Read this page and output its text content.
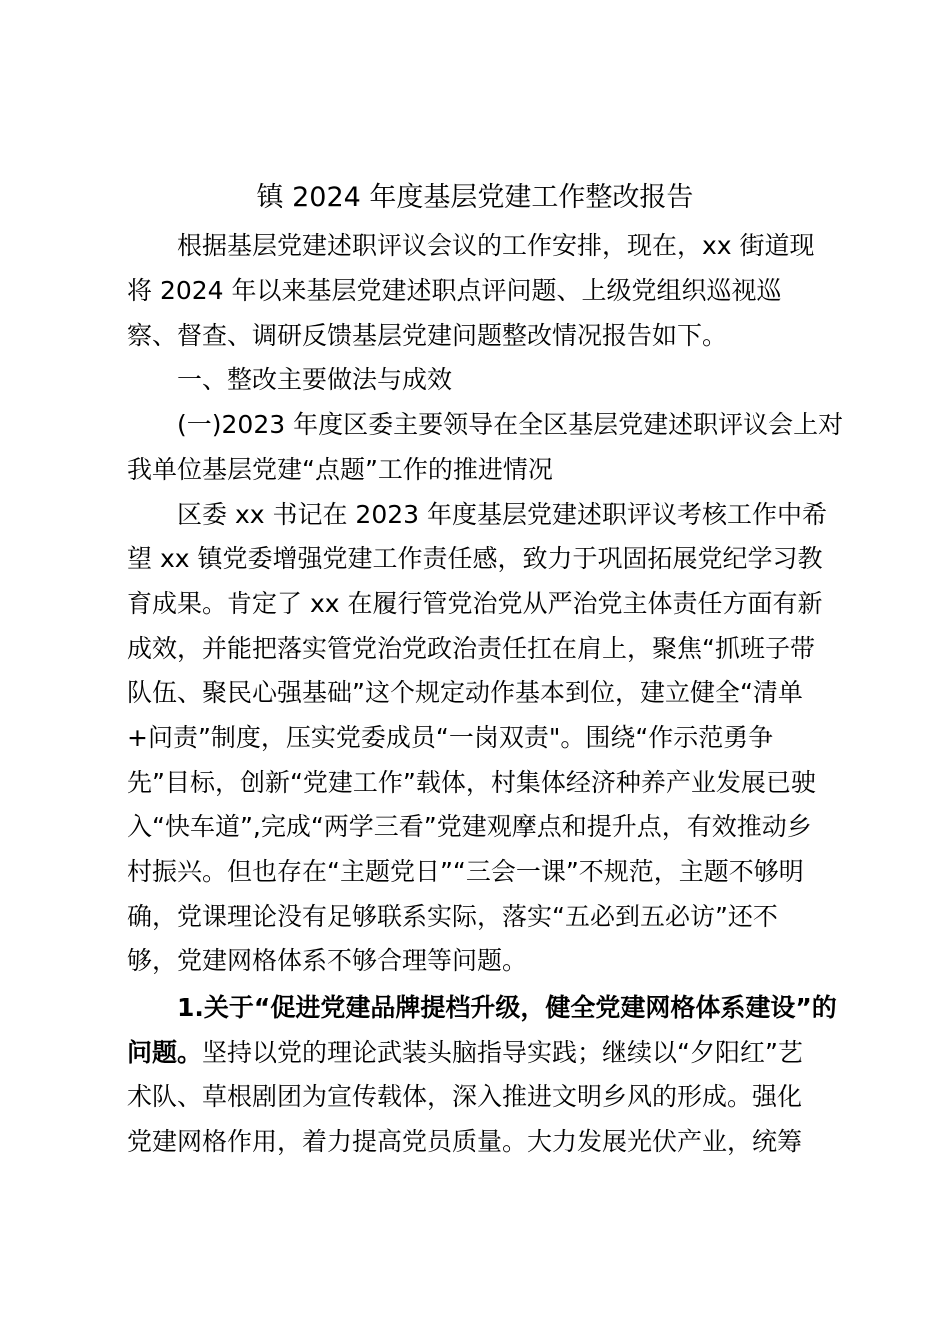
镇 2024 年度基层党建工作整改报告

根据基层党建述职评议会议的工作安排，现在，xx 街道现

将 2024 年以来基层党建述职点评问题、上级党组织巡视巡

察、督查、调研反馈基层党建问题整改情况报告如下。

一、整改主要做法与成效

(一)2023 年度区委主要领导在全区基层党建述职评议会上对

我单位基层党建“点题”工作的推进情况

区委 xx 书记在 2023 年度基层党建述职评议考核工作中希

望 xx 镇党委增强党建工作责任感，致力于巩固拓展党纪学习教

育成果。肯定了 xx 在履行管党治党从严治党主体责任方面有新

成效，并能把落实管党治党政治责任扛在肩上，聚焦“抓班子带

队伍、聚民心强基础”这个规定动作基本到位，建立健全“清单

+问责”制度，压实党委成员“一岗双责"。围绕“作示范勇争

先”目标，创新“党建工作”载体，村集体经济种养产业发展已驶

入“快车道”,完成“两学三看”党建观摩点和提升点，有效推动乡

村振兴。但也存在“主题党日”“三会一课”不规范，主题不够明

确，党课理论没有足够联系实际，落实“五必到五必访”还不

够，党建网格体系不够合理等问题。

1.关于“促进党建品牌提档升级，健全党建网格体系建设”的

问题。坚持以党的理论武装头脑指导实践；继续以“夕阳红”艺

术队、草根剧团为宣传载体，深入推进文明乡风的形成。强化

党建网格作用，着力提高党员质量。大力发展光伏产业，统筹
